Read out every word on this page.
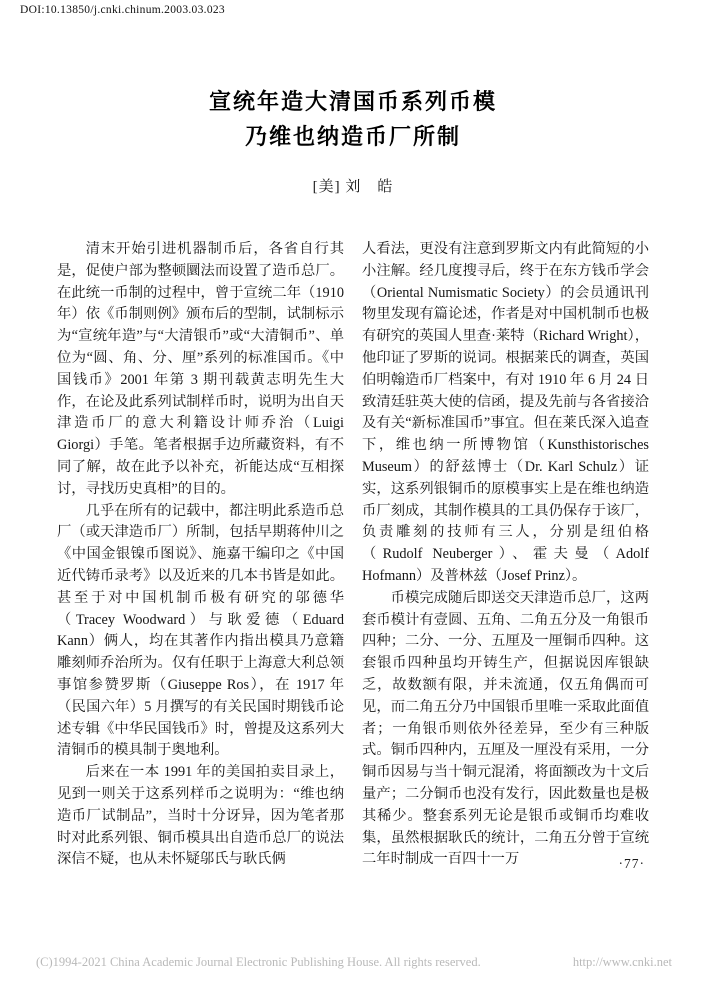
DOI:10.13850/j.cnki.chinum.2003.03.023
宣统年造大清国币系列币模
乃维也纳造币厂所制
[美] 刘　皓

清末开始引进机器制币后，各省自行其是，促使户部为整顿圜法而设置了造币总厂。在此统一币制的过程中，曾于宣统二年（1910 年）依《币制则例》颁布后的型制，试制标示为“宣统年造”与“大清银币”或“大清铜币”、单位为“圆、角、分、厘”系列的标准国币。《中国钱币》2001 年第 3 期刊载黄志明先生大作，在论及此系列试制样币时，说明为出自天津造币厂的意大利籍设计师乔治（Luigi Giorgi）手笔。笔者根据手边所藏资料，有不同了解，故在此予以补充，祈能达成“互相探讨，寻找历史真相”的目的。

几乎在所有的记载中，都注明此系造币总厂（或天津造币厂）所制，包括早期蒋仲川之《中国金银镍币图说》、施嘉干编印之《中国近代铸币录考》以及近来的几本书皆是如此。甚至于对中国机制币极有研究的邬德华（Tracey Woodward）与耿爱德（Eduard Kann）俩人，均在其著作内指出模具乃意籍雕刻师乔治所为。仅有任职于上海意大利总领事馆参赞罗斯（Giuseppe Ros），在 1917 年（民国六年）5 月撰写的有关民国时期钱币论述专辑《中华民国钱币》时，曾提及这系列大清铜币的模具制于奥地利。

后来在一本 1991 年的美国拍卖目录上，见到一则关于这系列样币之说明为：“维也纳造币厂试制品”，当时十分讶异，因为笔者那时对此系列银、铜币模具出自造币总厂的说法深信不疑，也从未怀疑邬氏与耿氏俩

人看法，更没有注意到罗斯文内有此简短的小小注解。经几度搜寻后，终于在东方钱币学会（Oriental Numismatic Society）的会员通讯刊物里发现有篇论述，作者是对中国机制币也极有研究的英国人里查·莱特（Richard Wright），他印证了罗斯的说词。根据莱氏的调查，英国伯明翰造币厂档案中，有对 1910 年 6 月 24 日致清廷驻英大使的信函，提及先前与各省接洽及有关“新标准国币”事宜。但在莱氏深入追查下，维也纳一所博物馆（Kunsthistorisches Museum）的舒兹博士（Dr. Karl Schulz）证实，这系列银铜币的原模事实上是在维也纳造币厂刻成，其制作模具的工具仍保存于该厂，负责雕刻的技师有三人，分别是纽伯格（Rudolf Neuberger）、霍夫曼（Adolf Hofmann）及普林兹（Josef Prinz）。

币模完成随后即送交天津造币总厂，这两套币模计有壹圆、五角、二角五分及一角银币四种；二分、一分、五厘及一厘铜币四种。这套银币四种虽均开铸生产，但据说因库银缺乏，故数额有限，并未流通，仅五角偶而可见，而二角五分乃中国银币里唯一采取此面值者；一角银币则依外径差异，至少有三种版式。铜币四种内，五厘及一厘没有采用，一分铜币因易与当十铜元混淆，将面额改为十文后量产；二分铜币也没有发行，因此数量也是极其稀少。整套系列无论是银币或铜币均难收集，虽然根据耿氏的统计，二角五分曾于宣统二年时制成一百四十一万	·77·
(C)1994-2021 China Academic Journal Electronic Publishing House. All rights reserved.	http://www.cnki.net
